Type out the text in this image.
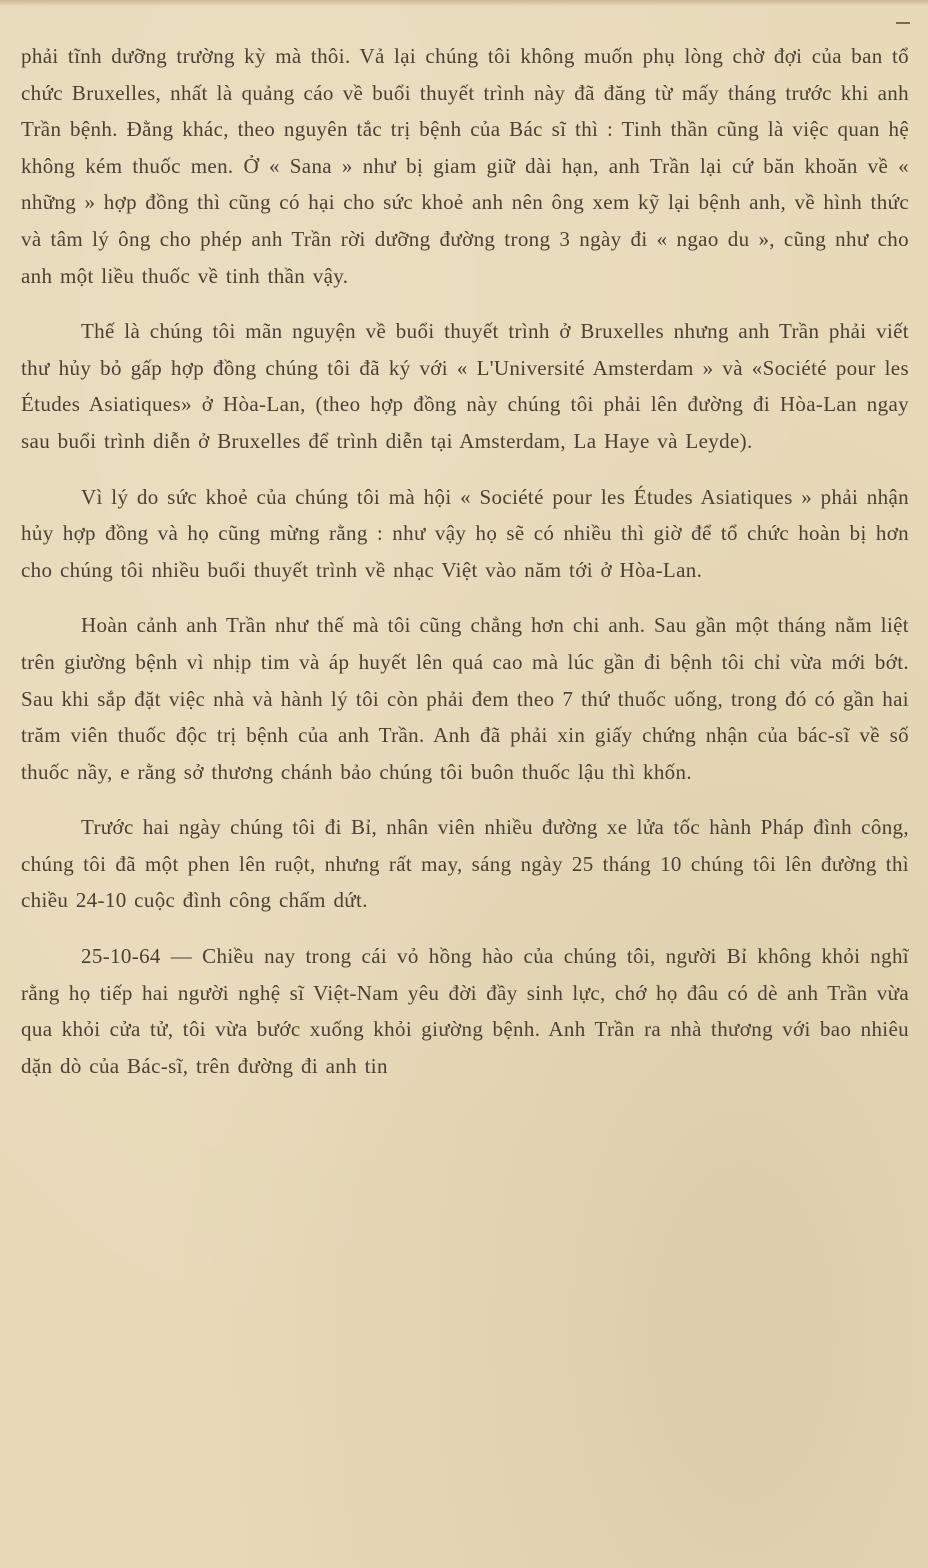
phải tĩnh dưỡng trường kỳ mà thôi. Vả lại chúng tôi không muốn phụ lòng chờ đợi của ban tổ chức Bruxelles, nhất là quảng cáo về buổi thuyết trình này đã đăng từ mấy tháng trước khi anh Trần bệnh. Đằng khác, theo nguyên tắc trị bệnh của Bác sĩ thì : Tinh thần cũng là việc quan hệ không kém thuốc men. Ở « Sana » như bị giam giữ dài hạn, anh Trần lại cứ băn khoăn về « những » hợp đồng thì cũng có hại cho sức khoẻ anh nên ông xem kỹ lại bệnh anh, về hình thức và tâm lý ông cho phép anh Trần rời dưỡng đường trong 3 ngày đi « ngao du », cũng như cho anh một liều thuốc về tinh thần vậy.

Thế là chúng tôi mãn nguyện về buổi thuyết trình ở Bruxelles nhưng anh Trần phải viết thư hủy bỏ gấp hợp đồng chúng tôi đã ký với « L'Université Amsterdam » và «Société pour les Études Asiatiques» ở Hòa-Lan, (theo hợp đồng này chúng tôi phải lên đường đi Hòa-Lan ngay sau buổi trình diễn ở Bruxelles để trình diễn tại Amsterdam, La Haye và Leyde).

Vì lý do sức khoẻ của chúng tôi mà hội « Société pour les Études Asiatiques » phải nhận hủy hợp đồng và họ cũng mừng rằng : như vậy họ sẽ có nhiều thì giờ để tổ chức hoàn bị hơn cho chúng tôi nhiều buổi thuyết trình về nhạc Việt vào năm tới ở Hòa-Lan.

Hoàn cảnh anh Trần như thế mà tôi cũng chẳng hơn chi anh. Sau gần một tháng nằm liệt trên giường bệnh vì nhịp tim và áp huyết lên quá cao mà lúc gần đi bệnh tôi chỉ vừa mới bớt. Sau khi sắp đặt việc nhà và hành lý tôi còn phải đem theo 7 thứ thuốc uống, trong đó có gần hai trăm viên thuốc độc trị bệnh của anh Trần. Anh đã phải xin giấy chứng nhận của bác-sĩ về số thuốc nầy, e rằng sở thương chánh bảo chúng tôi buôn thuốc lậu thì khốn.

Trước hai ngày chúng tôi đi Bỉ, nhân viên nhiều đường xe lửa tốc hành Pháp đình công, chúng tôi đã một phen lên ruột, nhưng rất may, sáng ngày 25 tháng 10 chúng tôi lên đường thì chiều 24-10 cuộc đình công chấm dứt.

25-10-64 — Chiều nay trong cái vỏ hồng hào của chúng tôi, người Bỉ không khỏi nghĩ rằng họ tiếp hai người nghệ sĩ Việt-Nam yêu đời đầy sinh lực, chớ họ đâu có dè anh Trần vừa qua khỏi cửa tử, tôi vừa bước xuống khỏi giường bệnh. Anh Trần ra nhà thương với bao nhiêu dặn dò của Bác-sĩ, trên đường đi anh tin
